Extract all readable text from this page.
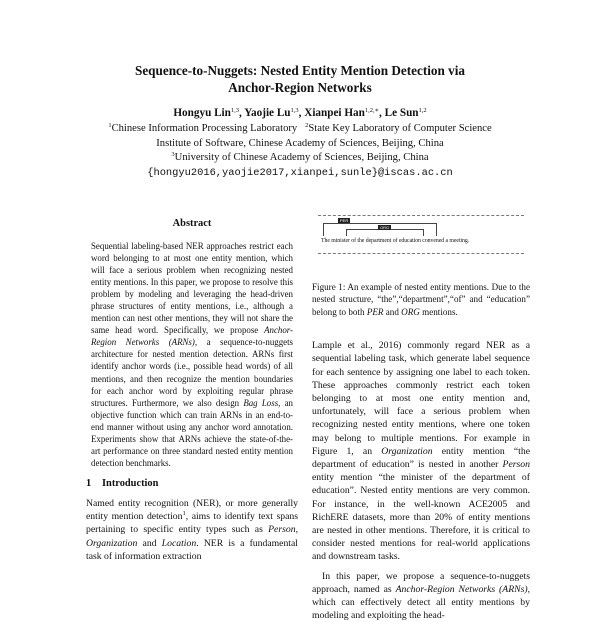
Sequence-to-Nuggets: Nested Entity Mention Detection via
Anchor-Region Networks
Hongyu Lin$^{1,3}$, Yaojie Lu$^{1,3}$, Xianpei Han$^{1,2,∗}$, Le Sun$^{1,2}$
$^1$Chinese Information Processing Laboratory $^2$State Key Laboratory of Computer Science
Institute of Software, Chinese Academy of Sciences, Beijing, China
$^3$University of Chinese Academy of Sciences, Beijing, China
{hongyu2016,yaojie2017,xianpei,sunle}@iscas.ac.cn
Abstract
Sequential labeling-based NER approaches restrict each word belonging to at most one entity mention, which will face a serious problem when recognizing nested entity mentions. In this paper, we propose to resolve this problem by modeling and leveraging the head-driven phrase structures of entity mentions, i.e., although a mention can nest other mentions, they will not share the same head word. Specifically, we propose Anchor-Region Networks (ARNs), a sequence-to-nuggets architecture for nested mention detection. ARNs first identify anchor words (i.e., possible head words) of all mentions, and then recognize the mention boundaries for each anchor word by exploiting regular phrase structures. Furthermore, we also design Bag Loss, an objective function which can train ARNs in an end-to-end manner without using any anchor word annotation. Experiments show that ARNs achieve the state-of-the-art performance on three standard nested entity mention detection benchmarks.
1 Introduction

Named entity recognition (NER), or more generally entity mention detection$^1$, aims to identify text spans pertaining to specific entity types such as Person, Organization and Location. NER is a fundamental task of information extraction

PER
ORG
The minister of the department of education convened a meeting.
Figure 1: An example of nested entity mentions. Due to the nested structure, “the”,“department”,“of” and “education” belong to both PER and ORG mentions.

Lample et al., 2016) commonly regard NER as a sequential labeling task, which generate label sequence for each sentence by assigning one label to each token. These approaches commonly restrict each token belonging to at most one entity mention and, unfortunately, will face a serious problem when recognizing nested entity mentions, where one token may belong to multiple mentions. For example in Figure 1, an Organization entity mention “the department of education” is nested in another Person entity mention “the minister of the department of education”. Nested entity mentions are very common. For instance, in the well-known ACE2005 and RichERE datasets, more than 20% of entity mentions are nested in other mentions. Therefore, it is critical to consider nested mentions for real-world applications and downstream tasks.

In this paper, we propose a sequence-to-nuggets approach, named as Anchor-Region Networks (ARNs), which can effectively detect all entity mentions by modeling and exploiting the head-
